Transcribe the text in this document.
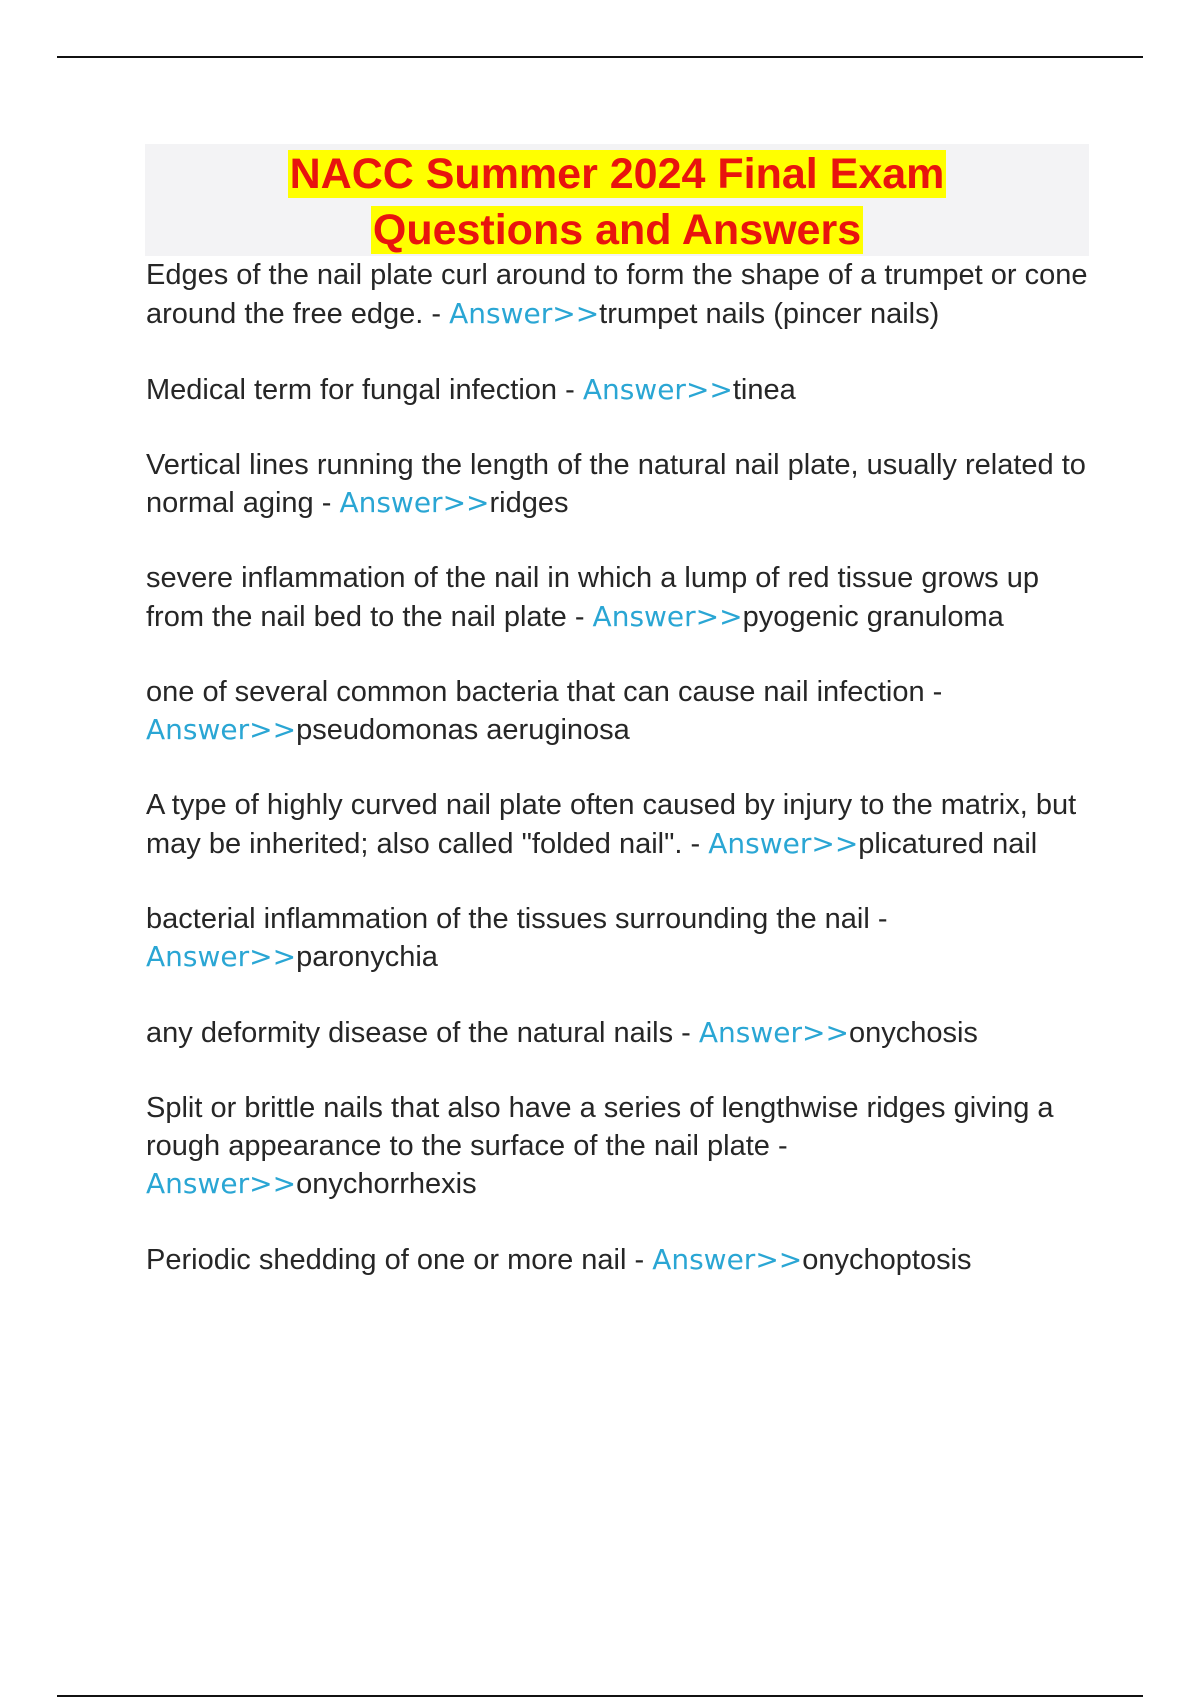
NACC Summer 2024 Final Exam
Questions and Answers
Edges of the nail plate curl around to form the shape of a trumpet or cone around the free edge. - Answer>>trumpet nails (pincer nails)
Medical term for fungal infection - Answer>>tinea
Vertical lines running the length of the natural nail plate, usually related to normal aging - Answer>>ridges
severe inflammation of the nail in which a lump of red tissue grows up from the nail bed to the nail plate - Answer>>pyogenic granuloma
one of several common bacteria that can cause nail infection - Answer>>pseudomonas aeruginosa
A type of highly curved nail plate often caused by injury to the matrix, but may be inherited; also called "folded nail". - Answer>>plicatured nail
bacterial inflammation of the tissues surrounding the nail - Answer>>paronychia
any deformity disease of the natural nails - Answer>>onychosis
Split or brittle nails that also have a series of lengthwise ridges giving a rough appearance to the surface of the nail plate - Answer>>onychorrhexis
Periodic shedding of one or more nail - Answer>>onychoptosis
